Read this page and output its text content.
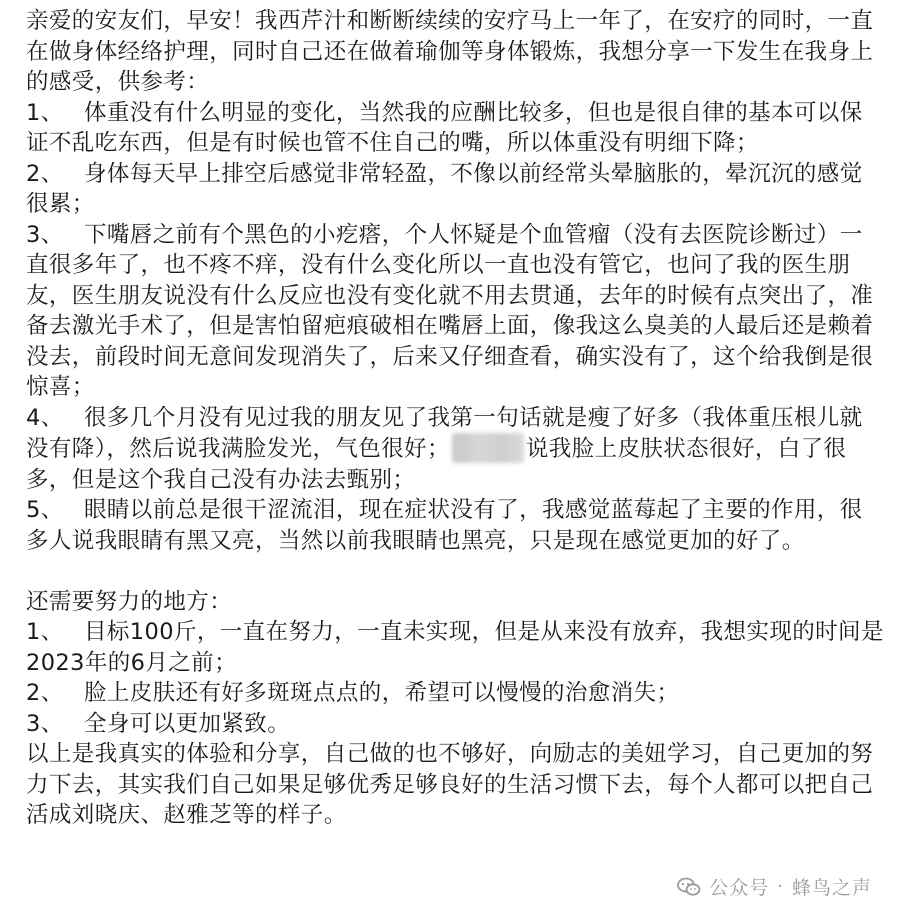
亲爱的安友们，早安！我西芹汁和断断续续的安疗马上一年了，在安疗的同时，一直在做身体经络护理，同时自己还在做着瑜伽等身体锻炼，我想分享一下发生在我身上的感受，供参考：

1、 体重没有什么明显的变化，当然我的应酬比较多，但也是很自律的基本可以保证不乱吃东西，但是有时候也管不住自己的嘴，所以体重没有明细下降；

2、 身体每天早上排空后感觉非常轻盈，不像以前经常头晕脑胀的，晕沉沉的感觉很累；

3、 下嘴唇之前有个黑色的小疙瘩，个人怀疑是个血管瘤（没有去医院诊断过）一直很多年了，也不疼不痒，没有什么变化所以一直也没有管它，也问了我的医生朋友，医生朋友说没有什么反应也没有变化就不用去贯通，去年的时候有点突出了，准备去激光手术了，但是害怕留疤痕破相在嘴唇上面，像我这么臭美的人最后还是赖着没去，前段时间无意间发现消失了，后来又仔细查看，确实没有了，这个给我倒是很惊喜；

4、 很多几个月没有见过我的朋友见了我第一句话就是瘦了好多（我体重压根儿就没有降），然后说我满脸发光，气色很好；	说我脸上皮肤状态很好，白了很多，但是这个我自己没有办法去甄别；

5、 眼睛以前总是很干涩流泪，现在症状没有了，我感觉蓝莓起了主要的作用，很多人说我眼睛有黑又亮，当然以前我眼睛也黑亮，只是现在感觉更加的好了。

还需要努力的地方：

1、 目标100斤，一直在努力，一直未实现，但是从来没有放弃，我想实现的时间是2023年的6月之前；

2、 脸上皮肤还有好多斑斑点点的，希望可以慢慢的治愈消失；

3、 全身可以更加紧致。

以上是我真实的体验和分享，自己做的也不够好，向励志的美妞学习，自己更加的努力下去，其实我们自己如果足够优秀足够良好的生活习惯下去，每个人都可以把自己活成刘晓庆、赵雅芝等的样子。

公众号 · 蜂鸟之声
